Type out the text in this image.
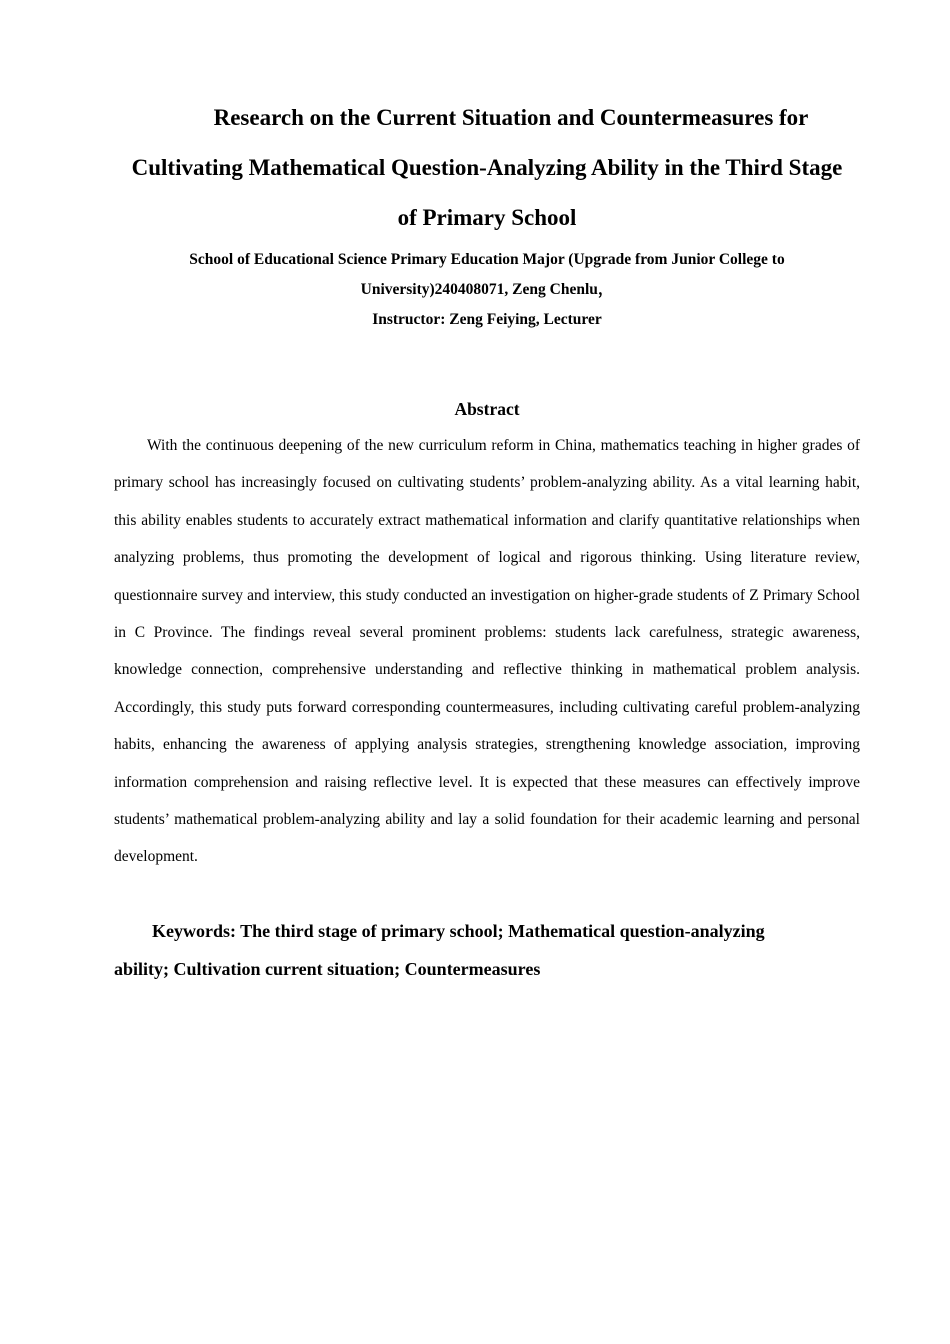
Research on the Current Situation and Countermeasures for
Cultivating Mathematical Question-Analyzing Ability in the Third Stage
of Primary School
School of Educational Science Primary Education Major (Upgrade from Junior College to
University)240408071, Zeng Chenlu，
Instructor: Zeng Feiying, Lecturer
Abstract

With the continuous deepening of the new curriculum reform in China, mathematics teaching in higher grades of primary school has increasingly focused on cultivating students’ problem-analyzing ability. As a vital learning habit, this ability enables students to accurately extract mathematical information and clarify quantitative relationships when analyzing problems, thus promoting the development of logical and rigorous thinking. Using literature review, questionnaire survey and interview, this study conducted an investigation on higher-grade students of Z Primary School in C Province. The findings reveal several prominent problems: students lack carefulness, strategic awareness, knowledge connection, comprehensive understanding and reflective thinking in mathematical problem analysis. Accordingly, this study puts forward corresponding countermeasures, including cultivating careful problem-analyzing habits, enhancing the awareness of applying analysis strategies, strengthening knowledge association, improving information comprehension and raising reflective level. It is expected that these measures can effectively improve students’ mathematical problem-analyzing ability and lay a solid foundation for their academic learning and personal development.

Keywords: The third stage of primary school; Mathematical question-analyzing ability; Cultivation current situation; Countermeasures
